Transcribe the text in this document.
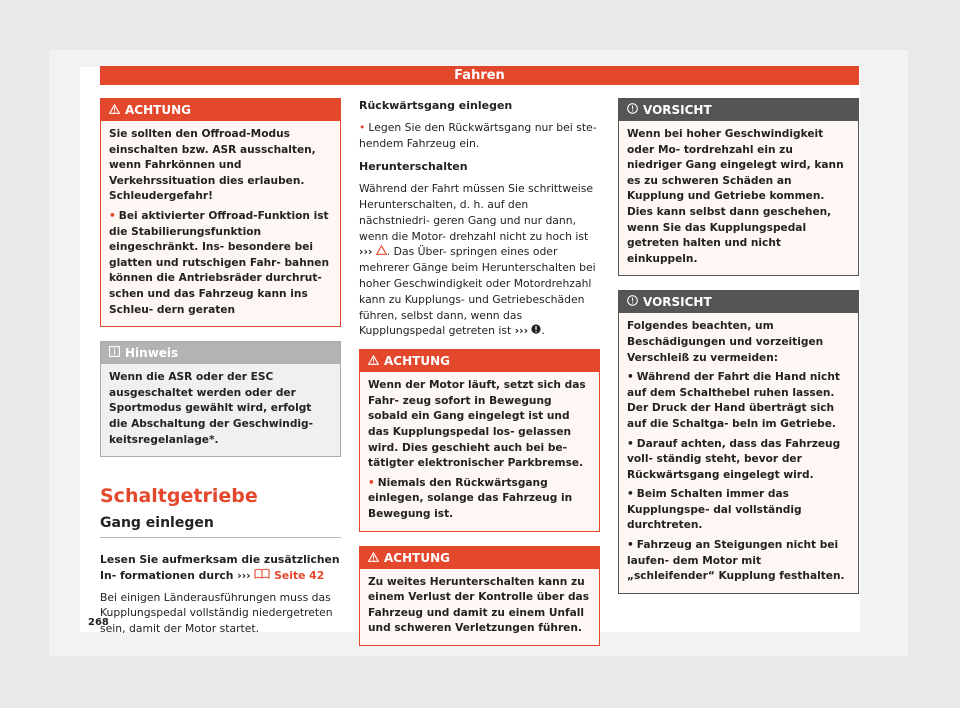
Fahren
ACHTUNG

Sie sollten den Offroad-Modus einschalten bzw. ASR ausschalten, wenn Fahrkönnen und Verkehrssituation dies erlauben. Schleudergefahr!

• Bei aktivierter Offroad-Funktion ist die Stabilierungsfunktion eingeschränkt. Ins- besondere bei glatten und rutschigen Fahr- bahnen können die Antriebsräder durchrut- schen und das Fahrzeug kann ins Schleu- dern geraten

Hinweis

Wenn die ASR oder der ESC ausgeschaltet werden oder der Sportmodus gewählt wird, erfolgt die Abschaltung der Geschwindig- keitsregelanlage*.

Schaltgetriebe

Gang einlegen

Lesen Sie aufmerksam die zusätzlichen In- formationen durch ››› Seite 42

Bei einigen Länderausführungen muss das Kupplungspedal vollständig niedergetreten sein, damit der Motor startet.

Rückwärtsgang einlegen

• Legen Sie den Rückwärtsgang nur bei ste- hendem Fahrzeug ein.

Herunterschalten

Während der Fahrt müssen Sie schrittweise Herunterschalten, d. h. auf den nächstniedri- geren Gang und nur dann, wenn die Motor- drehzahl nicht zu hoch ist ››› . Das Über- springen eines oder mehrerer Gänge beim Herunterschalten bei hoher Geschwindigkeit oder Motordrehzahl kann zu Kupplungs- und Getriebeschäden führen, selbst dann, wenn das Kupplungspedal getreten ist ››› .

ACHTUNG

Wenn der Motor läuft, setzt sich das Fahr- zeug sofort in Bewegung sobald ein Gang eingelegt ist und das Kupplungspedal los- gelassen wird. Dies geschieht auch bei be- tätigter elektronischer Parkbremse.

• Niemals den Rückwärtsgang einlegen, solange das Fahrzeug in Bewegung ist.

ACHTUNG

Zu weites Herunterschalten kann zu einem Verlust der Kontrolle über das Fahrzeug und damit zu einem Unfall und schweren Verletzungen führen.

VORSICHT

Wenn bei hoher Geschwindigkeit oder Mo- tordrehzahl ein zu niedriger Gang eingelegt wird, kann es zu schweren Schäden an Kupplung und Getriebe kommen. Dies kann selbst dann geschehen, wenn Sie das Kupplungspedal getreten halten und nicht einkuppeln.

VORSICHT

Folgendes beachten, um Beschädigungen und vorzeitigen Verschleiß zu vermeiden:

• Während der Fahrt die Hand nicht auf dem Schalthebel ruhen lassen. Der Druck der Hand überträgt sich auf die Schaltga- beln im Getriebe.

• Darauf achten, dass das Fahrzeug voll- ständig steht, bevor der Rückwärtsgang eingelegt wird.

• Beim Schalten immer das Kupplungspe- dal vollständig durchtreten.

• Fahrzeug an Steigungen nicht bei laufen- dem Motor mit „schleifender“ Kupplung festhalten.

268
